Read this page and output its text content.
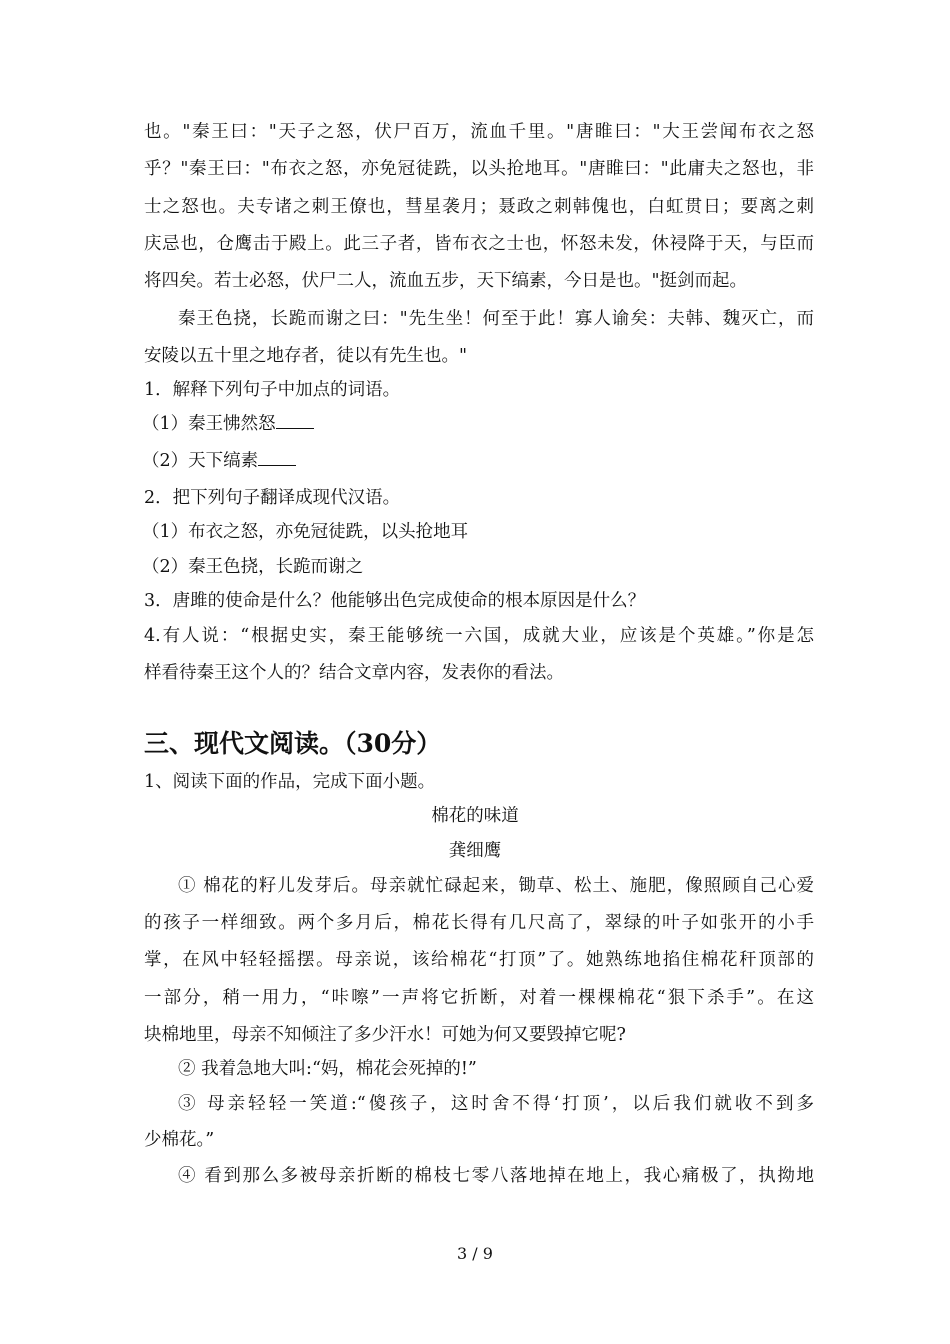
也。"秦王曰："天子之怒，伏尸百万，流血千里。"唐睢曰："大王尝闻布衣之怒
乎？"秦王曰："布衣之怒，亦免冠徒跣，以头抢地耳。"唐睢曰："此庸夫之怒也，非
士之怒也。夫专诸之刺王僚也，彗星袭月；聂政之刺韩傀也，白虹贯日；要离之刺
庆忌也，仓鹰击于殿上。此三子者，皆布衣之士也，怀怒未发，休祲降于天，与臣而
将四矣。若士必怒，伏尸二人，流血五步，天下缟素，今日是也。"挺剑而起。
秦王色挠，长跪而谢之曰："先生坐！何至于此！寡人谕矣：夫韩、魏灭亡，而
安陵以五十里之地存者，徒以有先生也。"
1．解释下列句子中加点的词语。
（1）秦王怫然怒
（2）天下缟素
2．把下列句子翻译成现代汉语。
（1）布衣之怒，亦免冠徒跣，以头抢地耳
（2）秦王色挠，长跪而谢之
3．唐雎的使命是什么？他能够出色完成使命的根本原因是什么？
4.有人说：“根据史实，秦王能够统一六国，成就大业，应该是个英雄。”你是怎
样看待秦王这个人的？结合文章内容，发表你的看法。
三、现代文阅读。（30分）
1、阅读下面的作品，完成下面小题。
棉花的味道
龚细鹰
① 棉花的籽儿发芽后。母亲就忙碌起来，锄草、松土、施肥，像照顾自己心爱
的孩子一样细致。两个多月后，棉花长得有几尺高了，翠绿的叶子如张开的小手
掌，在风中轻轻摇摆。母亲说，该给棉花“打顶”了。她熟练地掐住棉花秆顶部的
一部分，稍一用力，“咔嚓”一声将它折断，对着一棵棵棉花“狠下杀手”。在这
块棉地里，母亲不知倾注了多少汗水！可她为何又要毁掉它呢?
② 我着急地大叫:“妈，棉花会死掉的!”
③ 母亲轻轻一笑道:“傻孩子，这时舍不得‘打顶’，以后我们就收不到多
少棉花。”
④ 看到那么多被母亲折断的棉枝七零八落地掉在地上，我心痛极了，执拗地
3 / 9
